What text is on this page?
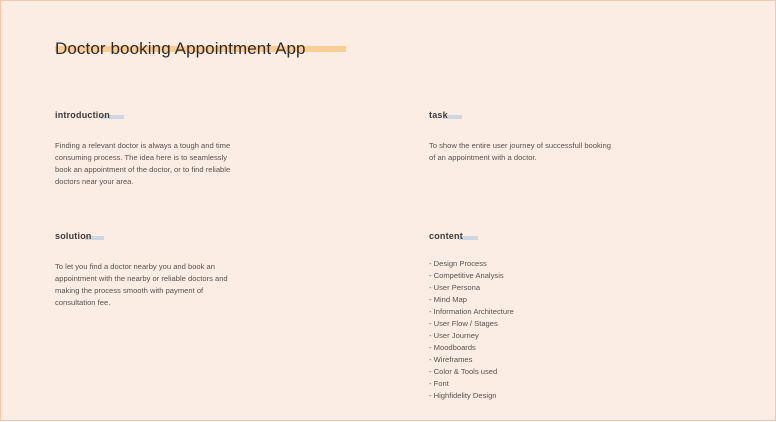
Doctor booking Appointment App
introduction
Finding a relevant doctor is always a tough and time
consuming process. The idea here is to seamlessly
book an appointment of the doctor, or to find reliable
doctors near your area.
task
To show the entire user journey of successfull booking
of an appointment with a doctor.
solution
To let you find a doctor nearby you and book an
appointment with the nearby or reliable doctors and
making the process smooth with payment of
consultation fee.
content
- Design Process
- Competitive Analysis
- User Persona
- Mind Map
- Information Architecture
- User Flow / Stages
- User Journey
- Moodboards
- Wireframes
- Color & Tools used
- Font
- Highfidelity Design
